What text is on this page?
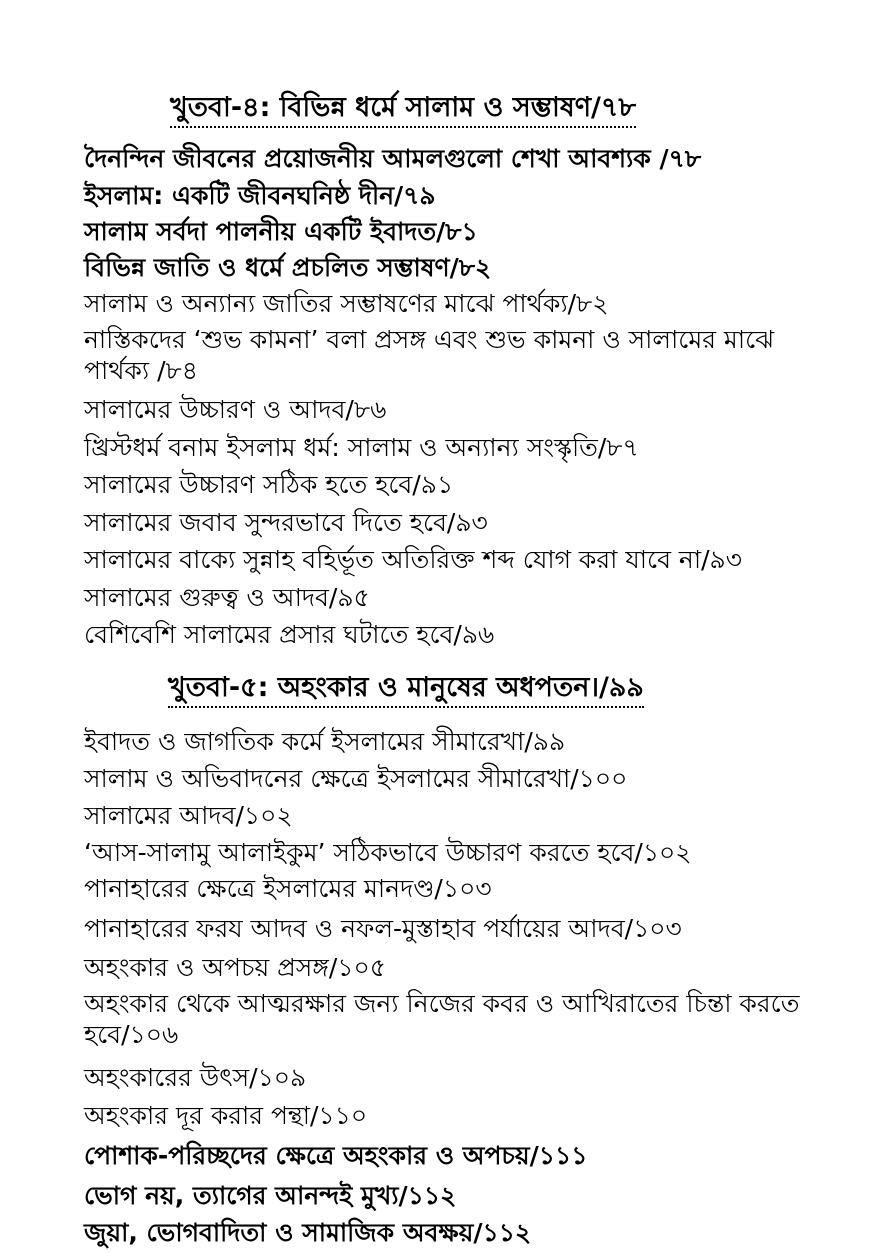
খুতবা-৪: বিভিন্ন ধর্মে সালাম ও সম্ভাষণ/৭৮
দৈনন্দিন জীবনের প্রয়োজনীয় আমলগুলো শেখা আবশ্যক /৭৮
ইসলাম: একটি জীবনঘনিষ্ঠ দীন/৭৯
সালাম সর্বদা পালনীয় একটি ইবাদত/৮১
বিভিন্ন জাতি ও ধর্মে প্রচলিত সম্ভাষণ/৮২
সালাম ও অন্যান্য জাতির সম্ভাষণের মাঝে পার্থক্য/৮২
নাস্তিকদের ‘শুভ কামনা’ বলা প্রসঙ্গ এবং শুভ কামনা ও সালামের মাঝে পার্থক্য /৮৪
সালামের উচ্চারণ ও আদব/৮৬
খ্রিস্টধর্ম বনাম ইসলাম ধর্ম: সালাম ও অন্যান্য সংস্কৃতি/৮৭
সালামের উচ্চারণ সঠিক হতে হবে/৯১
সালামের জবাব সুন্দরভাবে দিতে হবে/৯৩
সালামের বাক্যে সুন্নাহ বহির্ভূত অতিরিক্ত শব্দ যোগ করা যাবে না/৯৩
সালামের গুরুত্ব ও আদব/৯৫
বেশিবেশি সালামের প্রসার ঘটাতে হবে/৯৬
খুতবা-৫: অহংকার ও মানুষের অধপতন।/৯৯
ইবাদত ও জাগতিক কর্মে ইসলামের সীমারেখা/৯৯
সালাম ও অভিবাদনের ক্ষেত্রে ইসলামের সীমারেখা/১০০
সালামের আদব/১০২
‘আস-সালামু আলাইকুম’ সঠিকভাবে উচ্চারণ করতে হবে/১০২
পানাহারের ক্ষেত্রে ইসলামের মানদণ্ড/১০৩
পানাহারের ফরয আদব ও নফল-মুস্তাহাব পর্যায়ের আদব/১০৩
অহংকার ও অপচয় প্রসঙ্গ/১০৫
অহংকার থেকে আত্মরক্ষার জন্য নিজের কবর ও আখিরাতের চিন্তা করতে হবে/১০৬
অহংকারের উৎস/১০৯
অহংকার দূর করার পন্থা/১১০
পোশাক-পরিচ্ছদের ক্ষেত্রে অহংকার ও অপচয়/১১১
ভোগ নয়, ত্যাগের আনন্দই মুখ্য/১১২
জুয়া, ভোগবাদিতা ও সামাজিক অবক্ষয়/১১২
